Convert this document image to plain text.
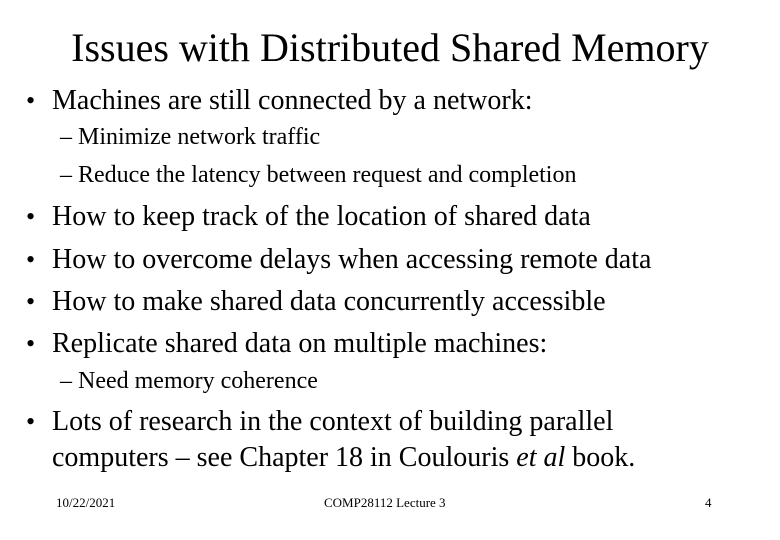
Issues with Distributed Shared Memory
• Machines are still connected by a network:
– Minimize network traffic
– Reduce the latency between request and completion
• How to keep track of the location of shared data
• How to overcome delays when accessing remote data
• How to make shared data concurrently accessible
• Replicate shared data on multiple machines:
– Need memory coherence
• Lots of research in the context of building parallel
computers – see Chapter 18 in Coulouris et al book.
10/22/2021	COMP28112 Lecture 3	4
